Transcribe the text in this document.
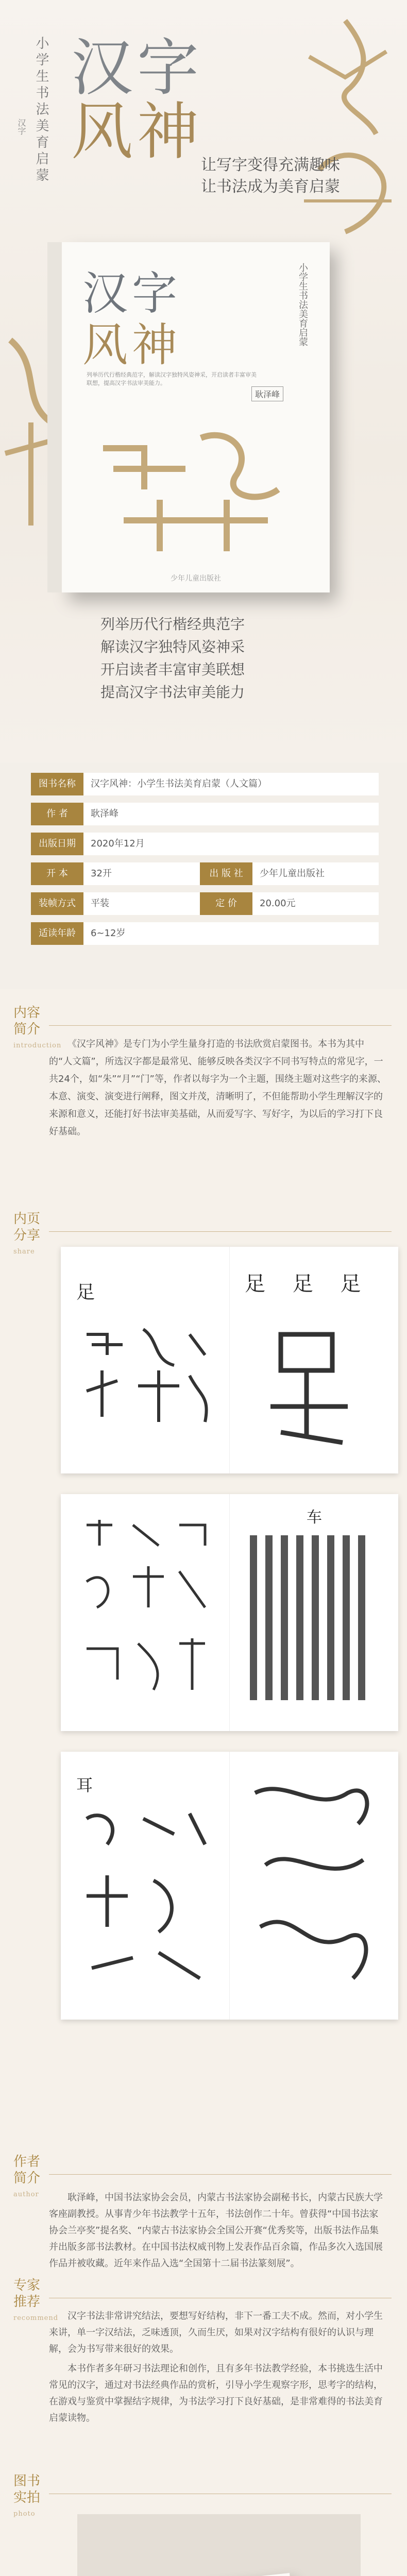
小学生书法美育启蒙
汉字
汉字
风神
让写字变得充满趣味
让书法成为美育启蒙
汉字
风神	小学生书法美育启蒙
耿泽峰
列举历代行楷经典范字，解读汉字独特风姿神采，开启读者丰富审美联想，提高汉字书法审美能力。
少年儿童出版社
列举历代行楷经典范字
解读汉字独特风姿神采
开启读者丰富审美联想
提高汉字书法审美能力
图书名称	汉字风神：小学生书法美育启蒙（人文篇）
作 者	耿泽峰
出版日期	2020年12月
开 本	32开	出 版 社	少年儿童出版社
装帧方式	平装	定 价	20.00元
适读年龄	6~12岁
内容
简介
introduction 《汉字风神》是专门为小学生量身打造的书法欣赏启蒙图书。本书为其中的“人文篇”，所选汉字都是最常见、能够反映各类汉字不同书写特点的常见字，一共24个，如“朱”“月”“门”等，作者以每字为一个主题，围绕主题对这些字的来源、本意、演变、演变进行阐释，图文并茂，清晰明了，不但能帮助小学生理解汉字的来源和意义，还能打好书法审美基础，从而爱写字、写好字，为以后的学习打下良好基础。
内页
分享
share
足	足 足 足
车
耳
作者
简介
author	耿泽峰，中国书法家协会会员，内蒙古书法家协会副秘书长，内蒙古民族大学客座副教授。从事青少年书法教学十五年，书法创作二十年。曾获得“中国书法家协会兰亭奖”提名奖、“内蒙古书法家协会全国公开赛“优秀奖等，出版书法作品集并出版多部书法教材。在中国书法权威刊物上发表作品百余篇，作品多次入选国展作品并被收藏。近年来作品入选“全国第十二届书法篆刻展”。
专家
推荐
recommend 汉字书法非常讲究结法，要想写好结构，非下一番工夫不成。然而，对小学生来讲，单一字汉结法，乏味透顶，久而生厌，如果对汉字结构有很好的认识与理解，会为书写带来很好的效果。

本书作者多年研习书法理论和创作，且有多年书法教学经验，本书挑选生活中常见的汉字，通过对书法经典作品的赏析，引导小学生观察字形，思考字的结构，在游戏与鉴赏中掌握结字规律，为书法学习打下良好基础，是非常难得的书法美育启蒙读物。

图书
实拍
photo
